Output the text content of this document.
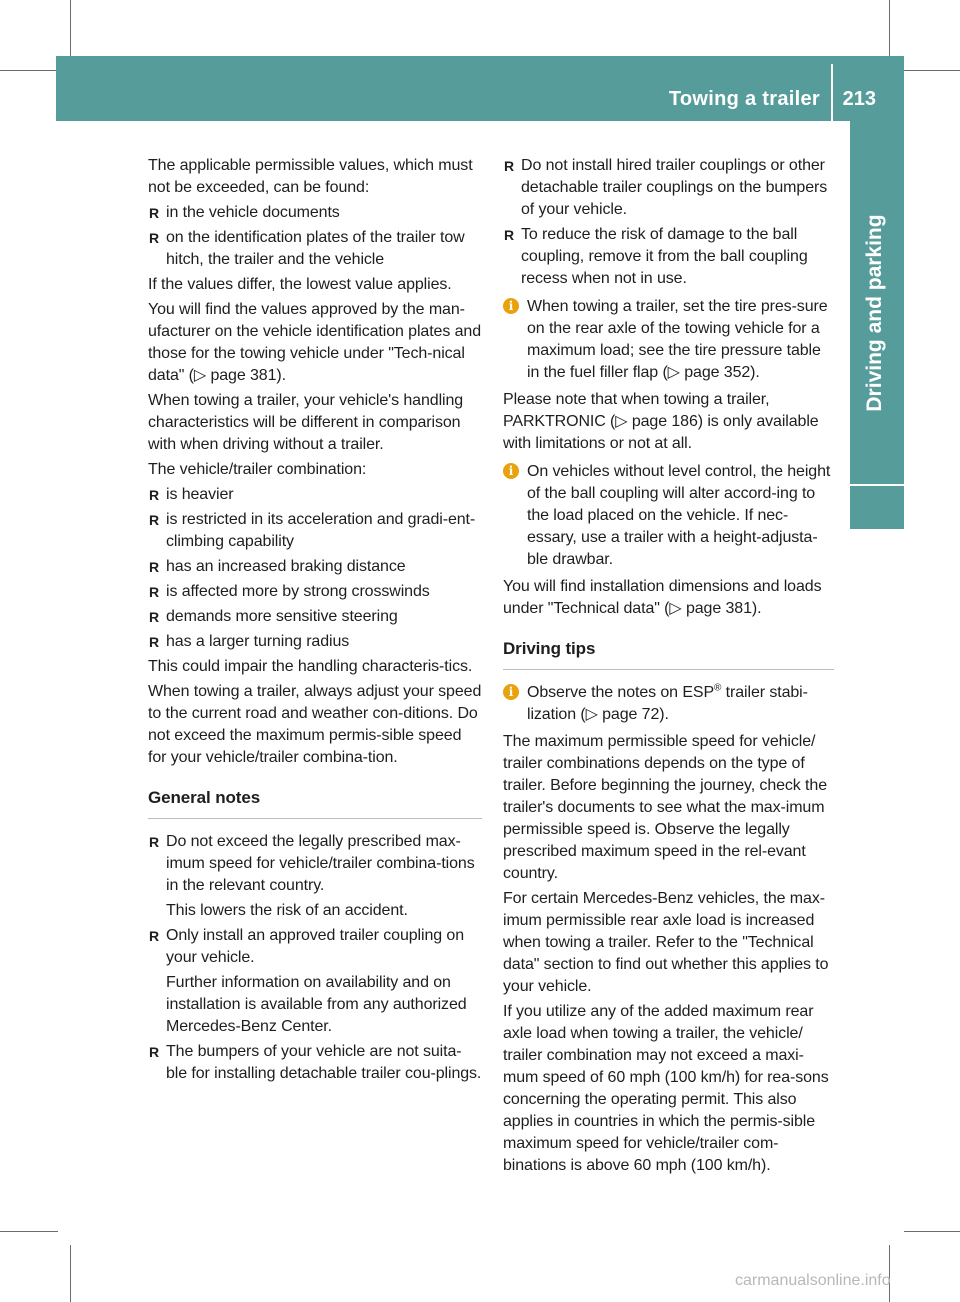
Towing a trailer 213
Driving and parking

The applicable permissible values, which must not be exceeded, can be found:

R in the vehicle documents
R on the identification plates of the trailer tow hitch, the trailer and the vehicle

If the values differ, the lowest value applies.

You will find the values approved by the man-ufacturer on the vehicle identification plates and those for the towing vehicle under "Tech-nical data" (▷ page 381).

When towing a trailer, your vehicle's handling characteristics will be different in comparison with when driving without a trailer.

The vehicle/trailer combination:

R is heavier
R is restricted in its acceleration and gradi-ent-climbing capability
R has an increased braking distance
R is affected more by strong crosswinds
R demands more sensitive steering
R has a larger turning radius

This could impair the handling characteris-tics.

When towing a trailer, always adjust your speed to the current road and weather con-ditions. Do not exceed the maximum permis-sible speed for your vehicle/trailer combina-tion.

General notes
R Do not exceed the legally prescribed max-imum speed for vehicle/trailer combina-tions in the relevant country.

This lowers the risk of an accident.

R Only install an approved trailer coupling on your vehicle.

Further information on availability and on installation is available from any authorized Mercedes-Benz Center.

R The bumpers of your vehicle are not suita-ble for installing detachable trailer cou-plings.
R Do not install hired trailer couplings or other detachable trailer couplings on the bumpers of your vehicle.
R To reduce the risk of damage to the ball coupling, remove it from the ball coupling recess when not in use.
i When towing a trailer, set the tire pres-sure on the rear axle of the towing vehicle for a maximum load; see the tire pressure table in the fuel filler flap (▷ page 352).

Please note that when towing a trailer, PARKTRONIC (▷ page 186) is only available with limitations or not at all.

i On vehicles without level control, the height of the ball coupling will alter accord-ing to the load placed on the vehicle. If nec-essary, use a trailer with a height-adjusta-ble drawbar.

You will find installation dimensions and loads under "Technical data" (▷ page 381).

Driving tips
i Observe the notes on ESP® trailer stabi-lization (▷ page 72).

The maximum permissible speed for vehicle/ trailer combinations depends on the type of trailer. Before beginning the journey, check the trailer's documents to see what the max-imum permissible speed is. Observe the legally prescribed maximum speed in the rel-evant country.

For certain Mercedes-Benz vehicles, the max-imum permissible rear axle load is increased when towing a trailer. Refer to the "Technical data" section to find out whether this applies to your vehicle.

If you utilize any of the added maximum rear axle load when towing a trailer, the vehicle/ trailer combination may not exceed a maxi-mum speed of 60 mph (100 km/h) for rea-sons concerning the operating permit. This also applies in countries in which the permis-sible maximum speed for vehicle/trailer com-binations is above 60 mph (100 km/h).

carmanualsonline.info
